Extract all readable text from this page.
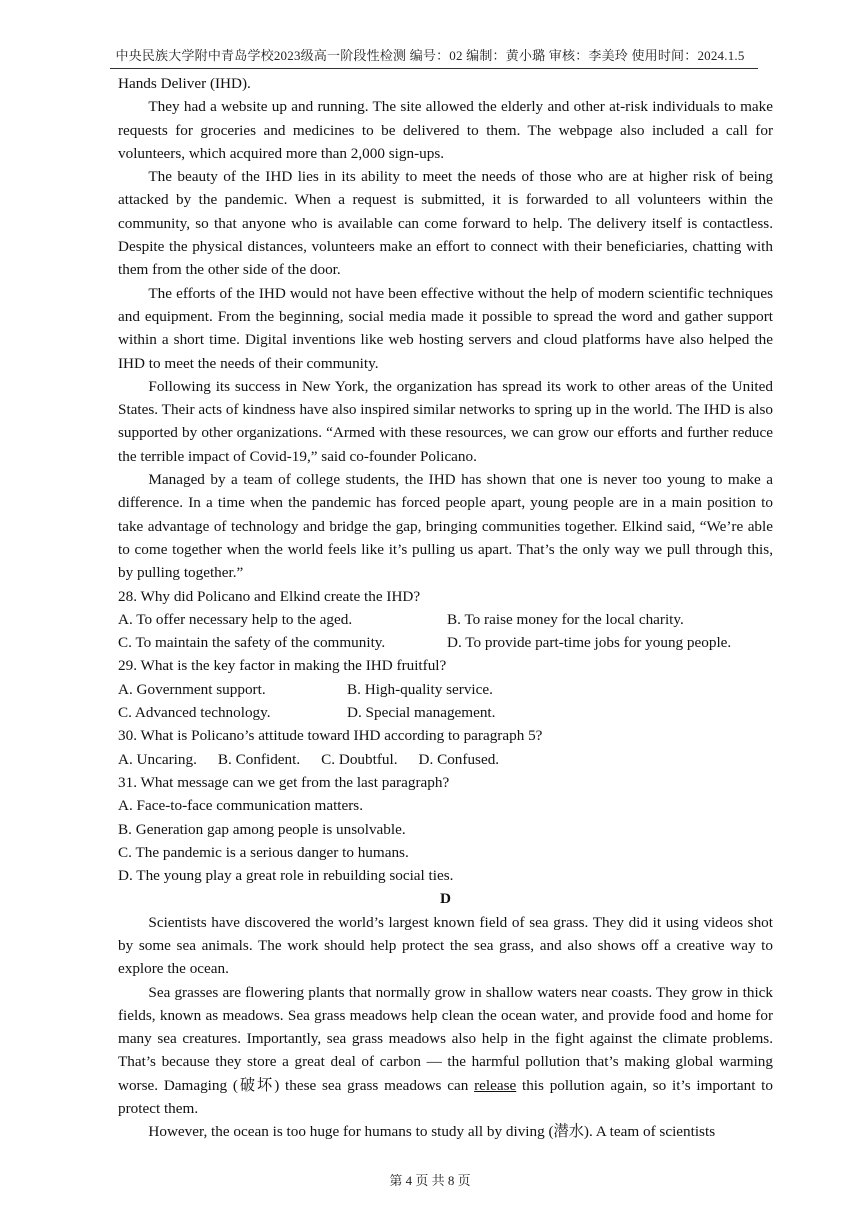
中央民族大学附中青岛学校2023级高一阶段性检测 编号：02 编制：黄小璐 审核：李美玲 使用时间：2024.1.5

Hands Deliver (IHD).

They had a website up and running. The site allowed the elderly and other at-risk individuals to make requests for groceries and medicines to be delivered to them. The webpage also included a call for volunteers, which acquired more than 2,000 sign-ups.

The beauty of the IHD lies in its ability to meet the needs of those who are at higher risk of being attacked by the pandemic. When a request is submitted, it is forwarded to all volunteers within the community, so that anyone who is available can come forward to help. The delivery itself is contactless. Despite the physical distances, volunteers make an effort to connect with their beneficiaries, chatting with them from the other side of the door.

The efforts of the IHD would not have been effective without the help of modern scientific techniques and equipment. From the beginning, social media made it possible to spread the word and gather support within a short time. Digital inventions like web hosting servers and cloud platforms have also helped the IHD to meet the needs of their community.

Following its success in New York, the organization has spread its work to other areas of the United States. Their acts of kindness have also inspired similar networks to spring up in the world. The IHD is also supported by other organizations. “Armed with these resources, we can grow our efforts and further reduce the terrible impact of Covid-19,” said co-founder Policano.

Managed by a team of college students, the IHD has shown that one is never too young to make a difference. In a time when the pandemic has forced people apart, young people are in a main position to take advantage of technology and bridge the gap, bringing communities together. Elkind said, “We’re able to come together when the world feels like it’s pulling us apart. That’s the only way we pull through this, by pulling together.”

28. Why did Policano and Elkind create the IHD?
A. To offer necessary help to the aged.	B. To raise money for the local charity.
C. To maintain the safety of the community.	D. To provide part-time jobs for young people.
29. What is the key factor in making the IHD fruitful?
A. Government support.	B. High-quality service.
C. Advanced technology.	D. Special management.
30. What is Policano’s attitude toward IHD according to paragraph 5?
A. Uncaring. B. Confident. C. Doubtful. D. Confused.
31. What message can we get from the last paragraph?
A. Face-to-face communication matters.
B. Generation gap among people is unsolvable.
C. The pandemic is a serious danger to humans.
D. The young play a great role in rebuilding social ties.
D

Scientists have discovered the world’s largest known field of sea grass. They did it using videos shot by some sea animals. The work should help protect the sea grass, and also shows off a creative way to explore the ocean.

Sea grasses are flowering plants that normally grow in shallow waters near coasts. They grow in thick fields, known as meadows. Sea grass meadows help clean the ocean water, and provide food and home for many sea creatures. Importantly, sea grass meadows also help in the fight against the climate problems. That’s because they store a great deal of carbon — the harmful pollution that’s making global warming worse. Damaging (破坏) these sea grass meadows can release this pollution again, so it’s important to protect them.

However, the ocean is too huge for humans to study all by diving (潜水). A team of scientists

第 4 页 共 8 页
